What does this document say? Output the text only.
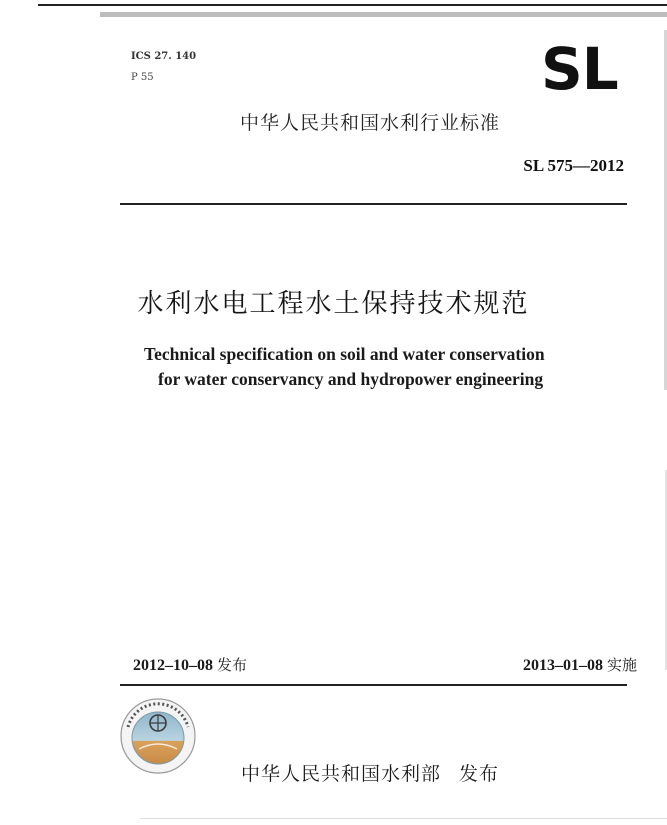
ICS 27. 140
P 55	SL
中华人民共和国水利行业标准
SL 575—2012
水利水电工程水土保持技术规范
Technical specification on soil and water conservation
for water conservancy and hydropower engineering
2012–10–08 发布	2013–01–08 实施
中华人民共和国水利部 发布
